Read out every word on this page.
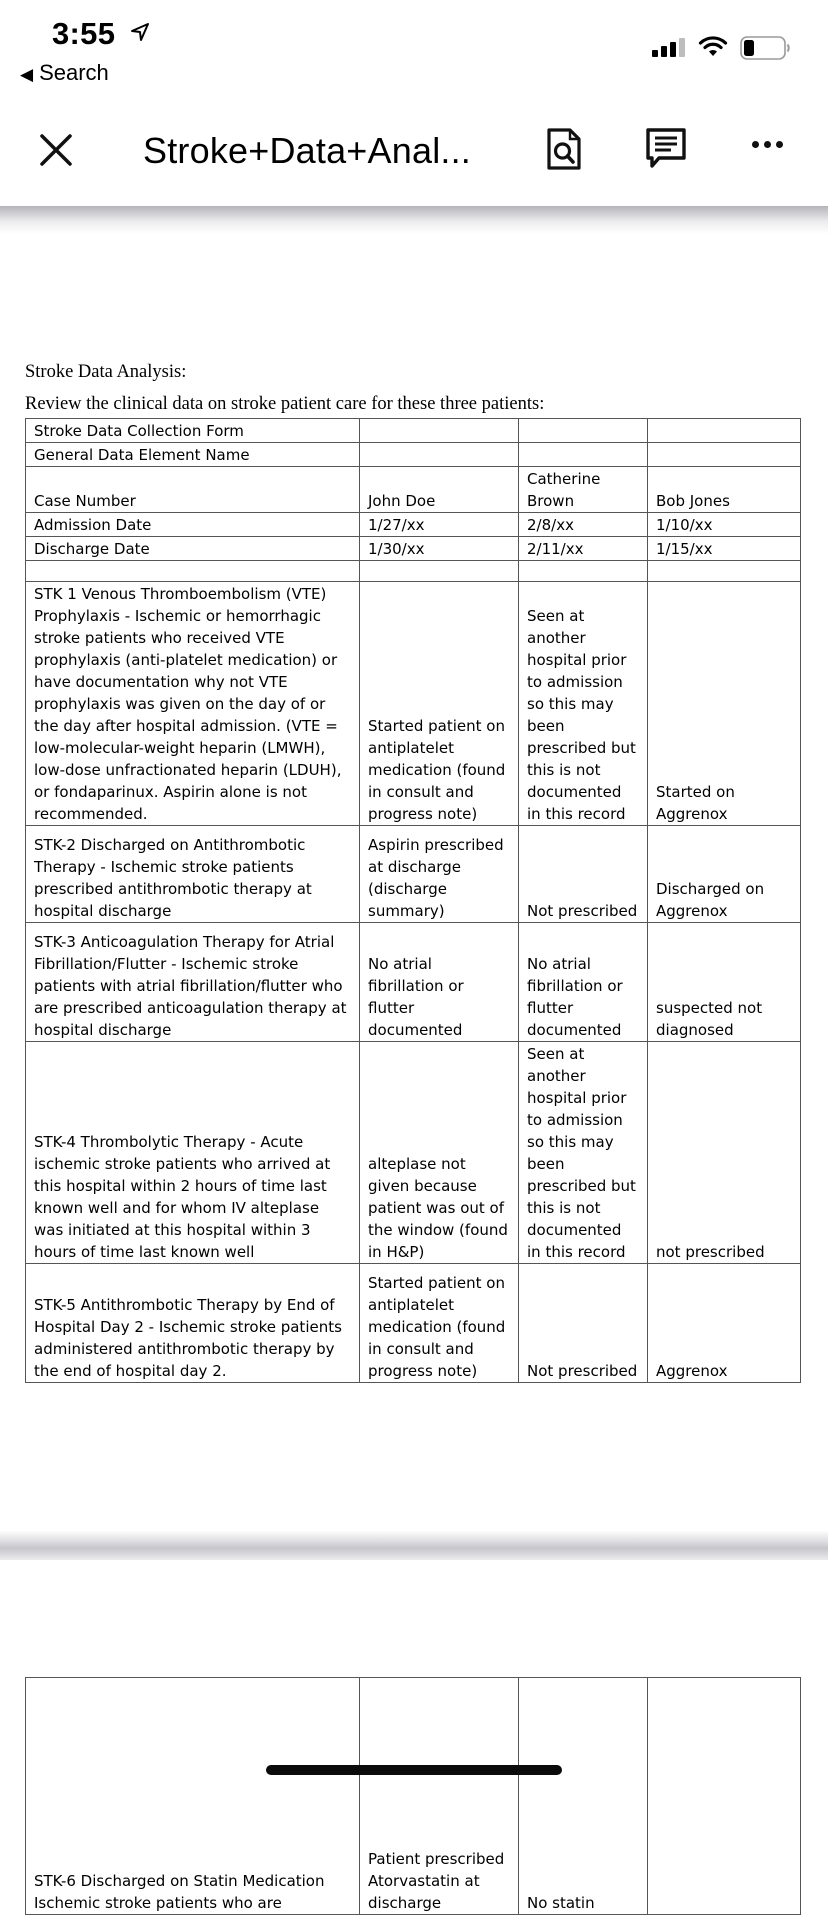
3:55
◀ Search
Stroke+Data+Anal...
Stroke Data Analysis:
Review the clinical data on stroke patient care for these three patients:
Stroke Data Collection Form			
General Data Element Name			
Case Number	John Doe	Catherine Brown	Bob Jones
Admission Date	1/27/xx	2/8/xx	1/10/xx
Discharge Date	1/30/xx	2/11/xx	1/15/xx

STK 1 Venous Thromboembolism (VTE) Prophylaxis - Ischemic or hemorrhagic stroke patients who received VTE prophylaxis (anti-platelet medication) or have documentation why not VTE prophylaxis was given on the day of or the day after hospital admission. (VTE = low-molecular-weight heparin (LMWH), low-dose unfractionated heparin (LDUH), or fondaparinux. Aspirin alone is not recommended.	Started patient on antiplatelet medication (found in consult and progress note)	Seen at another hospital prior to admission so this may been prescribed but this is not documented in this record	Started on Aggrenox
STK-2 Discharged on Antithrombotic Therapy - Ischemic stroke patients prescribed antithrombotic therapy at hospital discharge	Aspirin prescribed at discharge (discharge summary)	Not prescribed	Discharged on Aggrenox
STK-3 Anticoagulation Therapy for Atrial Fibrillation/Flutter - Ischemic stroke patients with atrial fibrillation/flutter who are prescribed anticoagulation therapy at hospital discharge	No atrial fibrillation or flutter documented	No atrial fibrillation or flutter documented	suspected not diagnosed
STK-4 Thrombolytic Therapy - Acute ischemic stroke patients who arrived at this hospital within 2 hours of time last known well and for whom IV alteplase was initiated at this hospital within 3 hours of time last known well	alteplase not given because patient was out of the window (found in H&P)	Seen at another hospital prior to admission so this may been prescribed but this is not documented in this record	not prescribed
STK-5 Antithrombotic Therapy by End of Hospital Day 2 - Ischemic stroke patients administered antithrombotic therapy by the end of hospital day 2.	Started patient on antiplatelet medication (found in consult and progress note)	Not prescribed	Aggrenox
STK-6 Discharged on Statin Medication Ischemic stroke patients who are	Patient prescribed Atorvastatin at discharge	No statin	
